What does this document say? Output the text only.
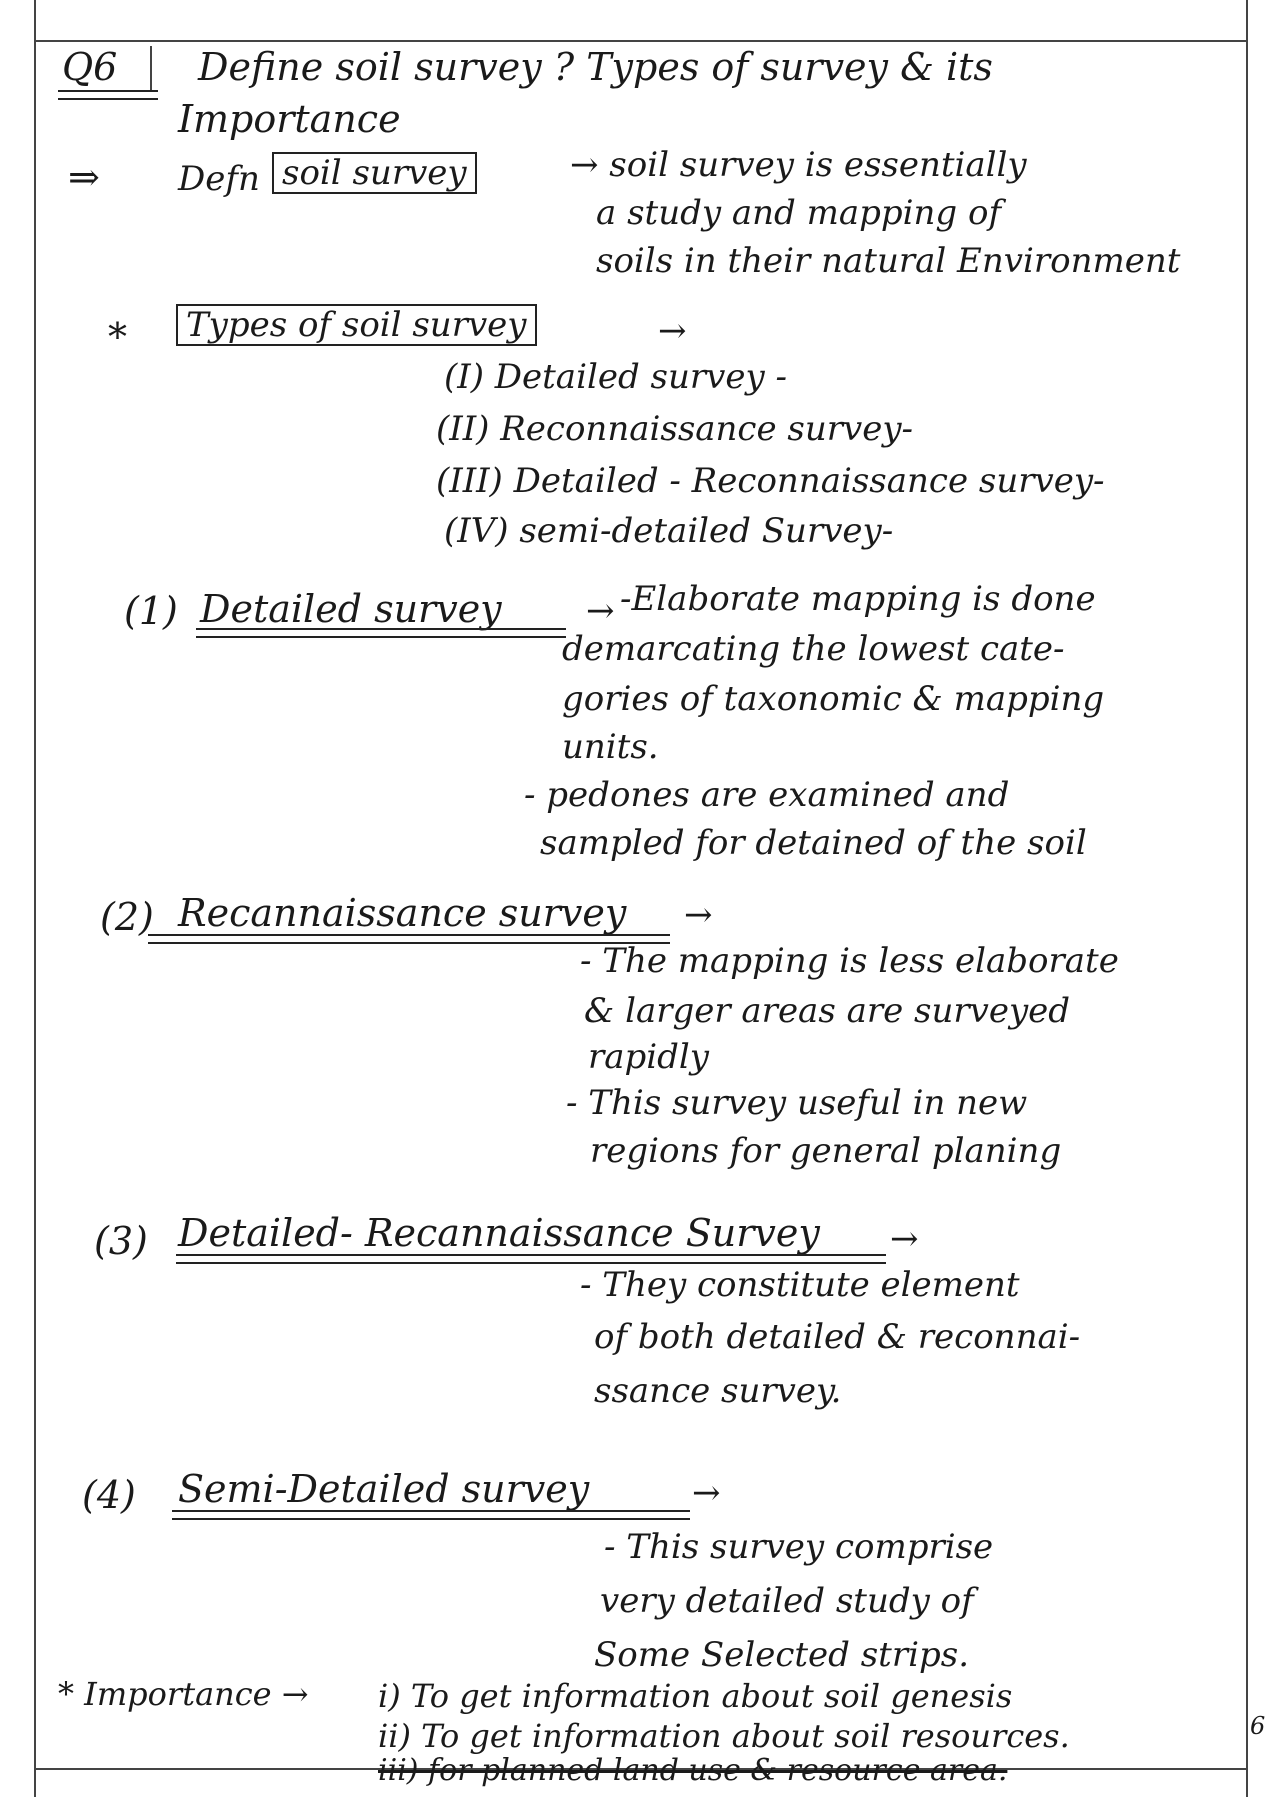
Q6 Define soil survey ? Types of survey & its
Importance
⇒ Defn soil survey	→ soil survey is essentially
a study and mapping of
soils in their natural Environment
* Types of soil survey	→
(I) Detailed survey -
(II) Reconnaissance survey-
(III) Detailed - Reconnaissance survey-
(IV) semi-detailed Survey-
(1) Detailed survey → -Elaborate mapping is done
demarcating the lowest cate-
gories of taxonomic & mapping
units.
- pedones are examined and
sampled for detained of the soil
(2) Recannaissance survey →
- The mapping is less elaborate
& larger areas are surveyed
rapidly
- This survey useful in new
regions for general planing
(3) Detailed- Recannaissance Survey →
- They constitute element
of both detailed & reconnai-
ssance survey.
(4) Semi-Detailed survey	→
- This survey comprise
very detailed study of
Some Selected strips.
* Importance → i) To get information about soil genesis
ii) To get information about soil resources.
iii) for planned land use & resource area.
6
